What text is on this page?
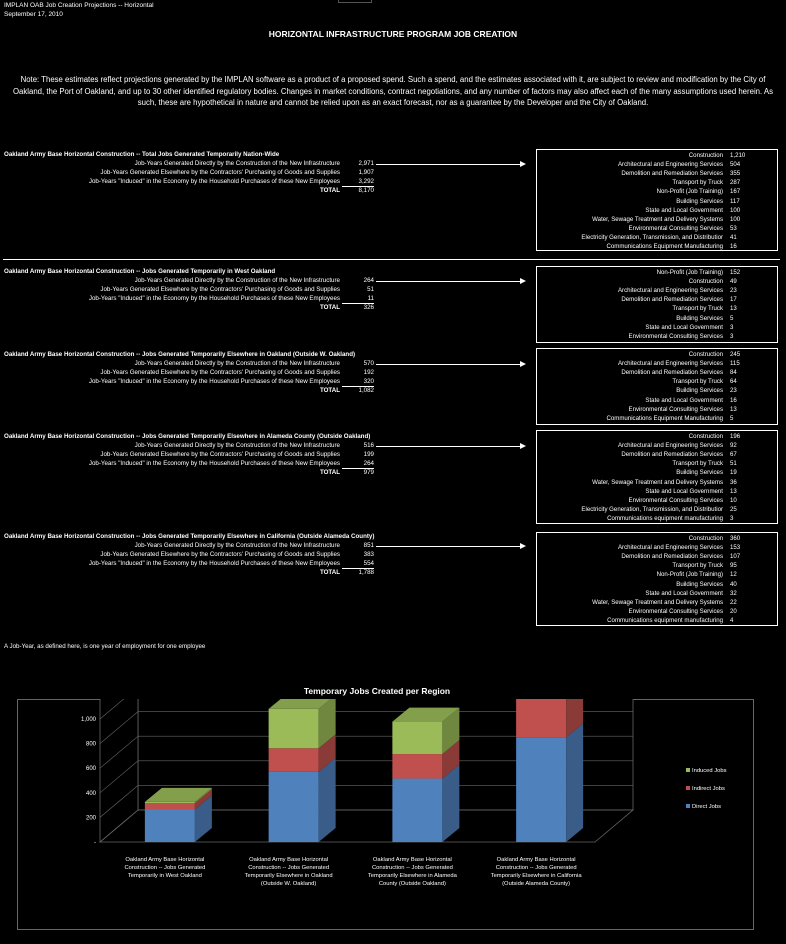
IMPLAN OAB Job Creation Projections -- Horizontal
September 17, 2010
HORIZONTAL INFRASTRUCTURE PROGRAM JOB CREATION
Note: These estimates reflect projections generated by the IMPLAN software as a product of a proposed spend. Such a spend, and the estimates associated with it, are subject to review and modification by the City of Oakland, the Port of Oakland, and up to 30 other identified regulatory bodies. Changes in market conditions, contract negotiations, and any number of factors may also affect each of the many assumptions used herein. As such, these are hypothetical in nature and cannot be relied upon as an exact forecast, nor as a guarantee by the Developer and the City of Oakland.
Oakland Army Base Horizontal Construction -- Total Jobs Generated Temporarily Nation-Wide
Job-Years Generated Directly by the Construction of the New Infrastructure	2,971
Job-Years Generated Elsewhere by the Contractors' Purchasing of Goods and Supplies	1,907
Job-Years "Induced" in the Economy by the Household Purchases of these New Employees	3,292
TOTAL	8,170
Construction 1,210
Architectural and Engineering Services 504
Demolition and Remediation Services 355
Transport by Truck 287
Non-Profit (Job Training) 167
Building Services 117
State and Local Government 100
Water, Sewage Treatment and Delivery Systems 100
Environmental Consulting Services 53
Electricity Generation, Transmission, and Distributior 41
Communications Equipment Manufacturing 16
Oakland Army Base Horizontal Construction -- Jobs Generated Temporarily in West Oakland
Job-Years Generated Directly by the Construction of the New Infrastructure	264
Job-Years Generated Elsewhere by the Contractors' Purchasing of Goods and Supplies	51
Job-Years "Induced" in the Economy by the Household Purchases of these New Employees	11
TOTAL	326
Non-Profit (Job Training) 152
Construction 49
Architectural and Engineering Services 23
Demolition and Remediation Services 17
Transport by Truck 13
Building Services 5
State and Local Government 3
Environmental Consulting Services 3
Oakland Army Base Horizontal Construction -- Jobs Generated Temporarily Elsewhere in Oakland (Outside W. Oakland)
Job-Years Generated Directly by the Construction of the New Infrastructure	570
Job-Years Generated Elsewhere by the Contractors' Purchasing of Goods and Supplies	192
Job-Years "Induced" in the Economy by the Household Purchases of these New Employees	320
TOTAL	1,082
Construction 245
Architectural and Engineering Services 115
Demolition and Remediation Services 84
Transport by Truck 64
Building Services 23
State and Local Government 16
Environmental Consulting Services 13
Communications Equipment Manufacturing 5
Oakland Army Base Horizontal Construction -- Jobs Generated Temporarily Elsewhere in Alameda County (Outside Oakland)
Job-Years Generated Directly by the Construction of the New Infrastructure	516
Job-Years Generated Elsewhere by the Contractors' Purchasing of Goods and Supplies	199
Job-Years "Induced" in the Economy by the Household Purchases of these New Employees	264
TOTAL	979
Construction 196
Architectural and Engineering Services 92
Demolition and Remediation Services 67
Transport by Truck 51
Building Services 19
Water, Sewage Treatment and Delivery Systems 36
State and Local Government 13
Environmental Consulting Services 10
Electricity Generation, Transmission, and Distributior 25
Communications equipment manufacturing 3
Oakland Army Base Horizontal Construction -- Jobs Generated Temporarily Elsewhere in California (Outside Alameda County)
Job-Years Generated Directly by the Construction of the New Infrastructure	851
Job-Years Generated Elsewhere by the Contractors' Purchasing of Goods and Supplies	383
Job-Years "Induced" in the Economy by the Household Purchases of these New Employees	554
TOTAL	1,788
Construction 360
Architectural and Engineering Services 153
Demolition and Remediation Services 107
Transport by Truck 95
Non-Profit (Job Training) 12
Building Services 40
State and Local Government 32
Water, Sewage Treatment and Delivery Systems 22
Environmental Consulting Services 20
Communications equipment manufacturing 4
A Job-Year, as defined here, is one year of employment for one employee
Temporary Jobs Created per Region
-
200
400
600
800
1,000
Oakland Army Base Horizontal
Construction -- Jobs Generated
Temporarily in West Oakland
Oakland Army Base Horizontal
Construction -- Jobs Generated
Temporarily Elsewhere in Oakland
(Outside W. Oakland)
Oakland Army Base Horizontal
Construction -- Jobs Generated
Temporarily Elsewhere in Alameda
County (Outside Oakland)
Oakland Army Base Horizontal
Construction -- Jobs Generated
Temporarily Elsewhere in California
(Outside Alameda County)
Induced Jobs
Indirect Jobs
Direct Jobs
